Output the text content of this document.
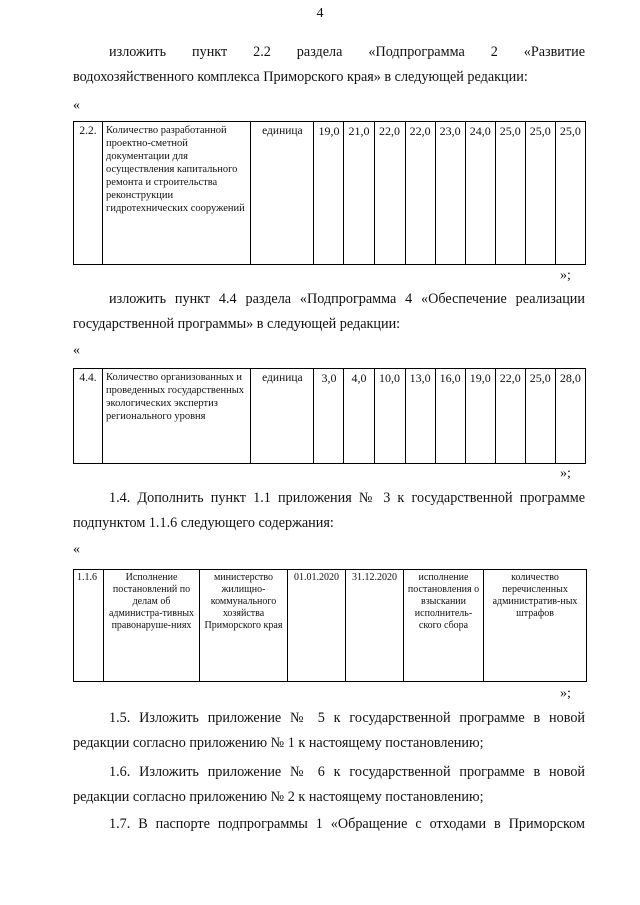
4
изложить пункт 2.2 раздела «Подпрограмма 2 «Развитие
водохозяйственного комплекса Приморского края» в следующей редакции:
«
2.2.	Количество разработанной проектно-сметной документации для осуществления капитального ремонта и строительства реконструкции гидротехнических сооружений	единица	19,0	21,0	22,0	22,0	23,0	24,0	25,0	25,0	25,0
»;
изложить пункт 4.4 раздела «Подпрограмма 4 «Обеспечение реализации
государственной программы» в следующей редакции:
«
4.4.	Количество организованных и проведенных государственных экологических экспертиз регионального уровня	единица	3,0	4,0	10,0	13,0	16,0	19,0	22,0	25,0	28,0
»;
1.4. Дополнить пункт 1.1 приложения № 3 к государственной программе
подпунктом 1.1.6 следующего содержания:
«
1.1.6	Исполнение постановлений по делам об администра-тивных правонаруше-ниях	министерство жилищно-коммунального хозяйства Приморского края	01.01.2020	31.12.2020	исполнение постановления о взыскании исполнитель-ского сбора	количество перечисленных административ-ных штрафов
»;
1.5. Изложить приложение № 5 к государственной программе в новой
редакции согласно приложению № 1 к настоящему постановлению;
1.6. Изложить приложение № 6 к государственной программе в новой
редакции согласно приложению № 2 к настоящему постановлению;
1.7. В паспорте подпрограммы 1 «Обращение с отходами в Приморском
